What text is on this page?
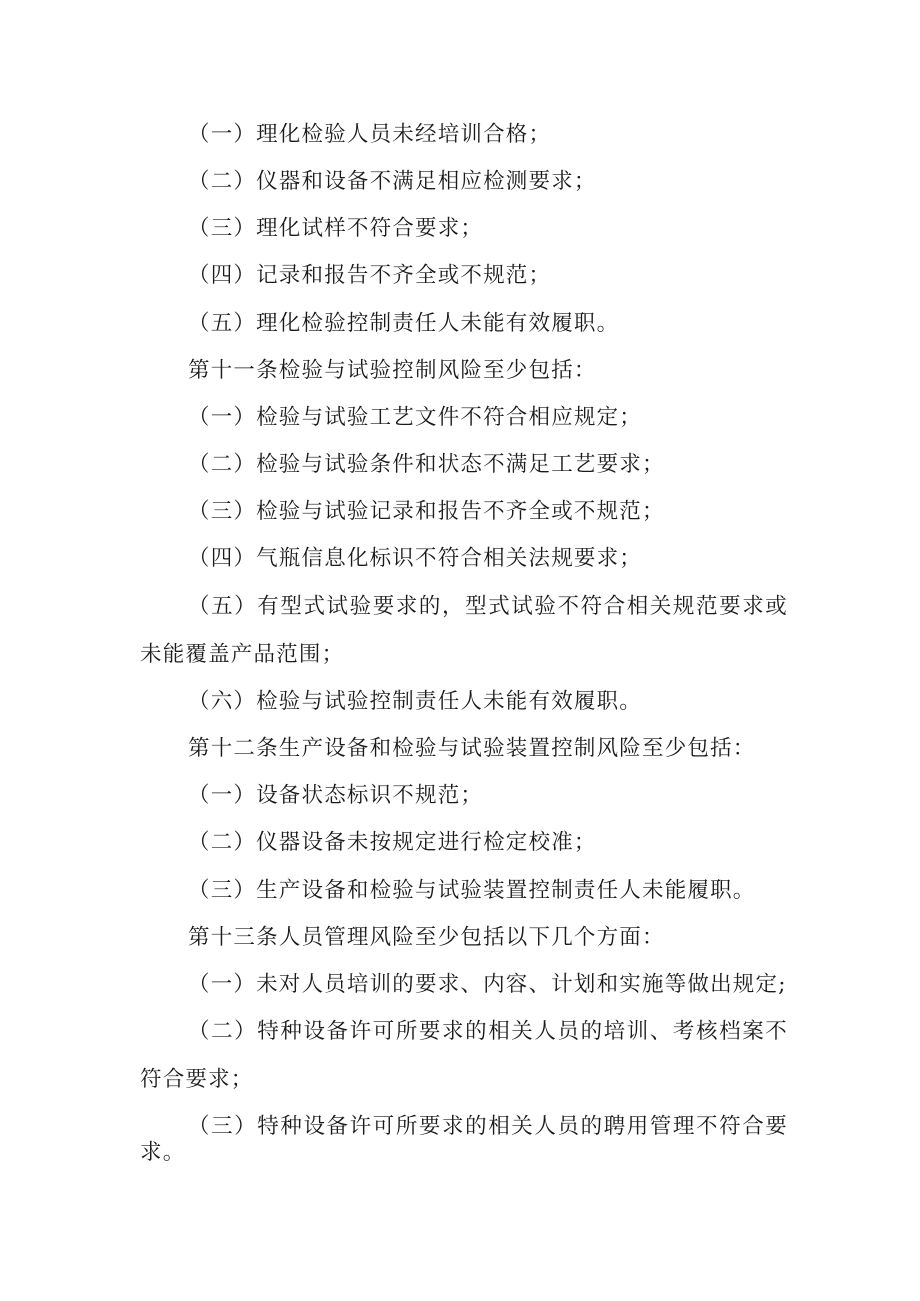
（一）理化检验人员未经培训合格；
（二）仪器和设备不满足相应检测要求；
（三）理化试样不符合要求；
（四）记录和报告不齐全或不规范；
（五）理化检验控制责任人未能有效履职。
第十一条检验与试验控制风险至少包括：
（一）检验与试验工艺文件不符合相应规定；
（二）检验与试验条件和状态不满足工艺要求；
（三）检验与试验记录和报告不齐全或不规范；
（四）气瓶信息化标识不符合相关法规要求；
（五）有型式试验要求的，型式试验不符合相关规范要求或
未能覆盖产品范围；
（六）检验与试验控制责任人未能有效履职。
第十二条生产设备和检验与试验装置控制风险至少包括：
（一）设备状态标识不规范；
（二）仪器设备未按规定进行检定校准；
（三）生产设备和检验与试验装置控制责任人未能履职。
第十三条人员管理风险至少包括以下几个方面：
（一）未对人员培训的要求、内容、计划和实施等做出规定;
（二）特种设备许可所要求的相关人员的培训、考核档案不
符合要求；
（三）特种设备许可所要求的相关人员的聘用管理不符合要
求。
